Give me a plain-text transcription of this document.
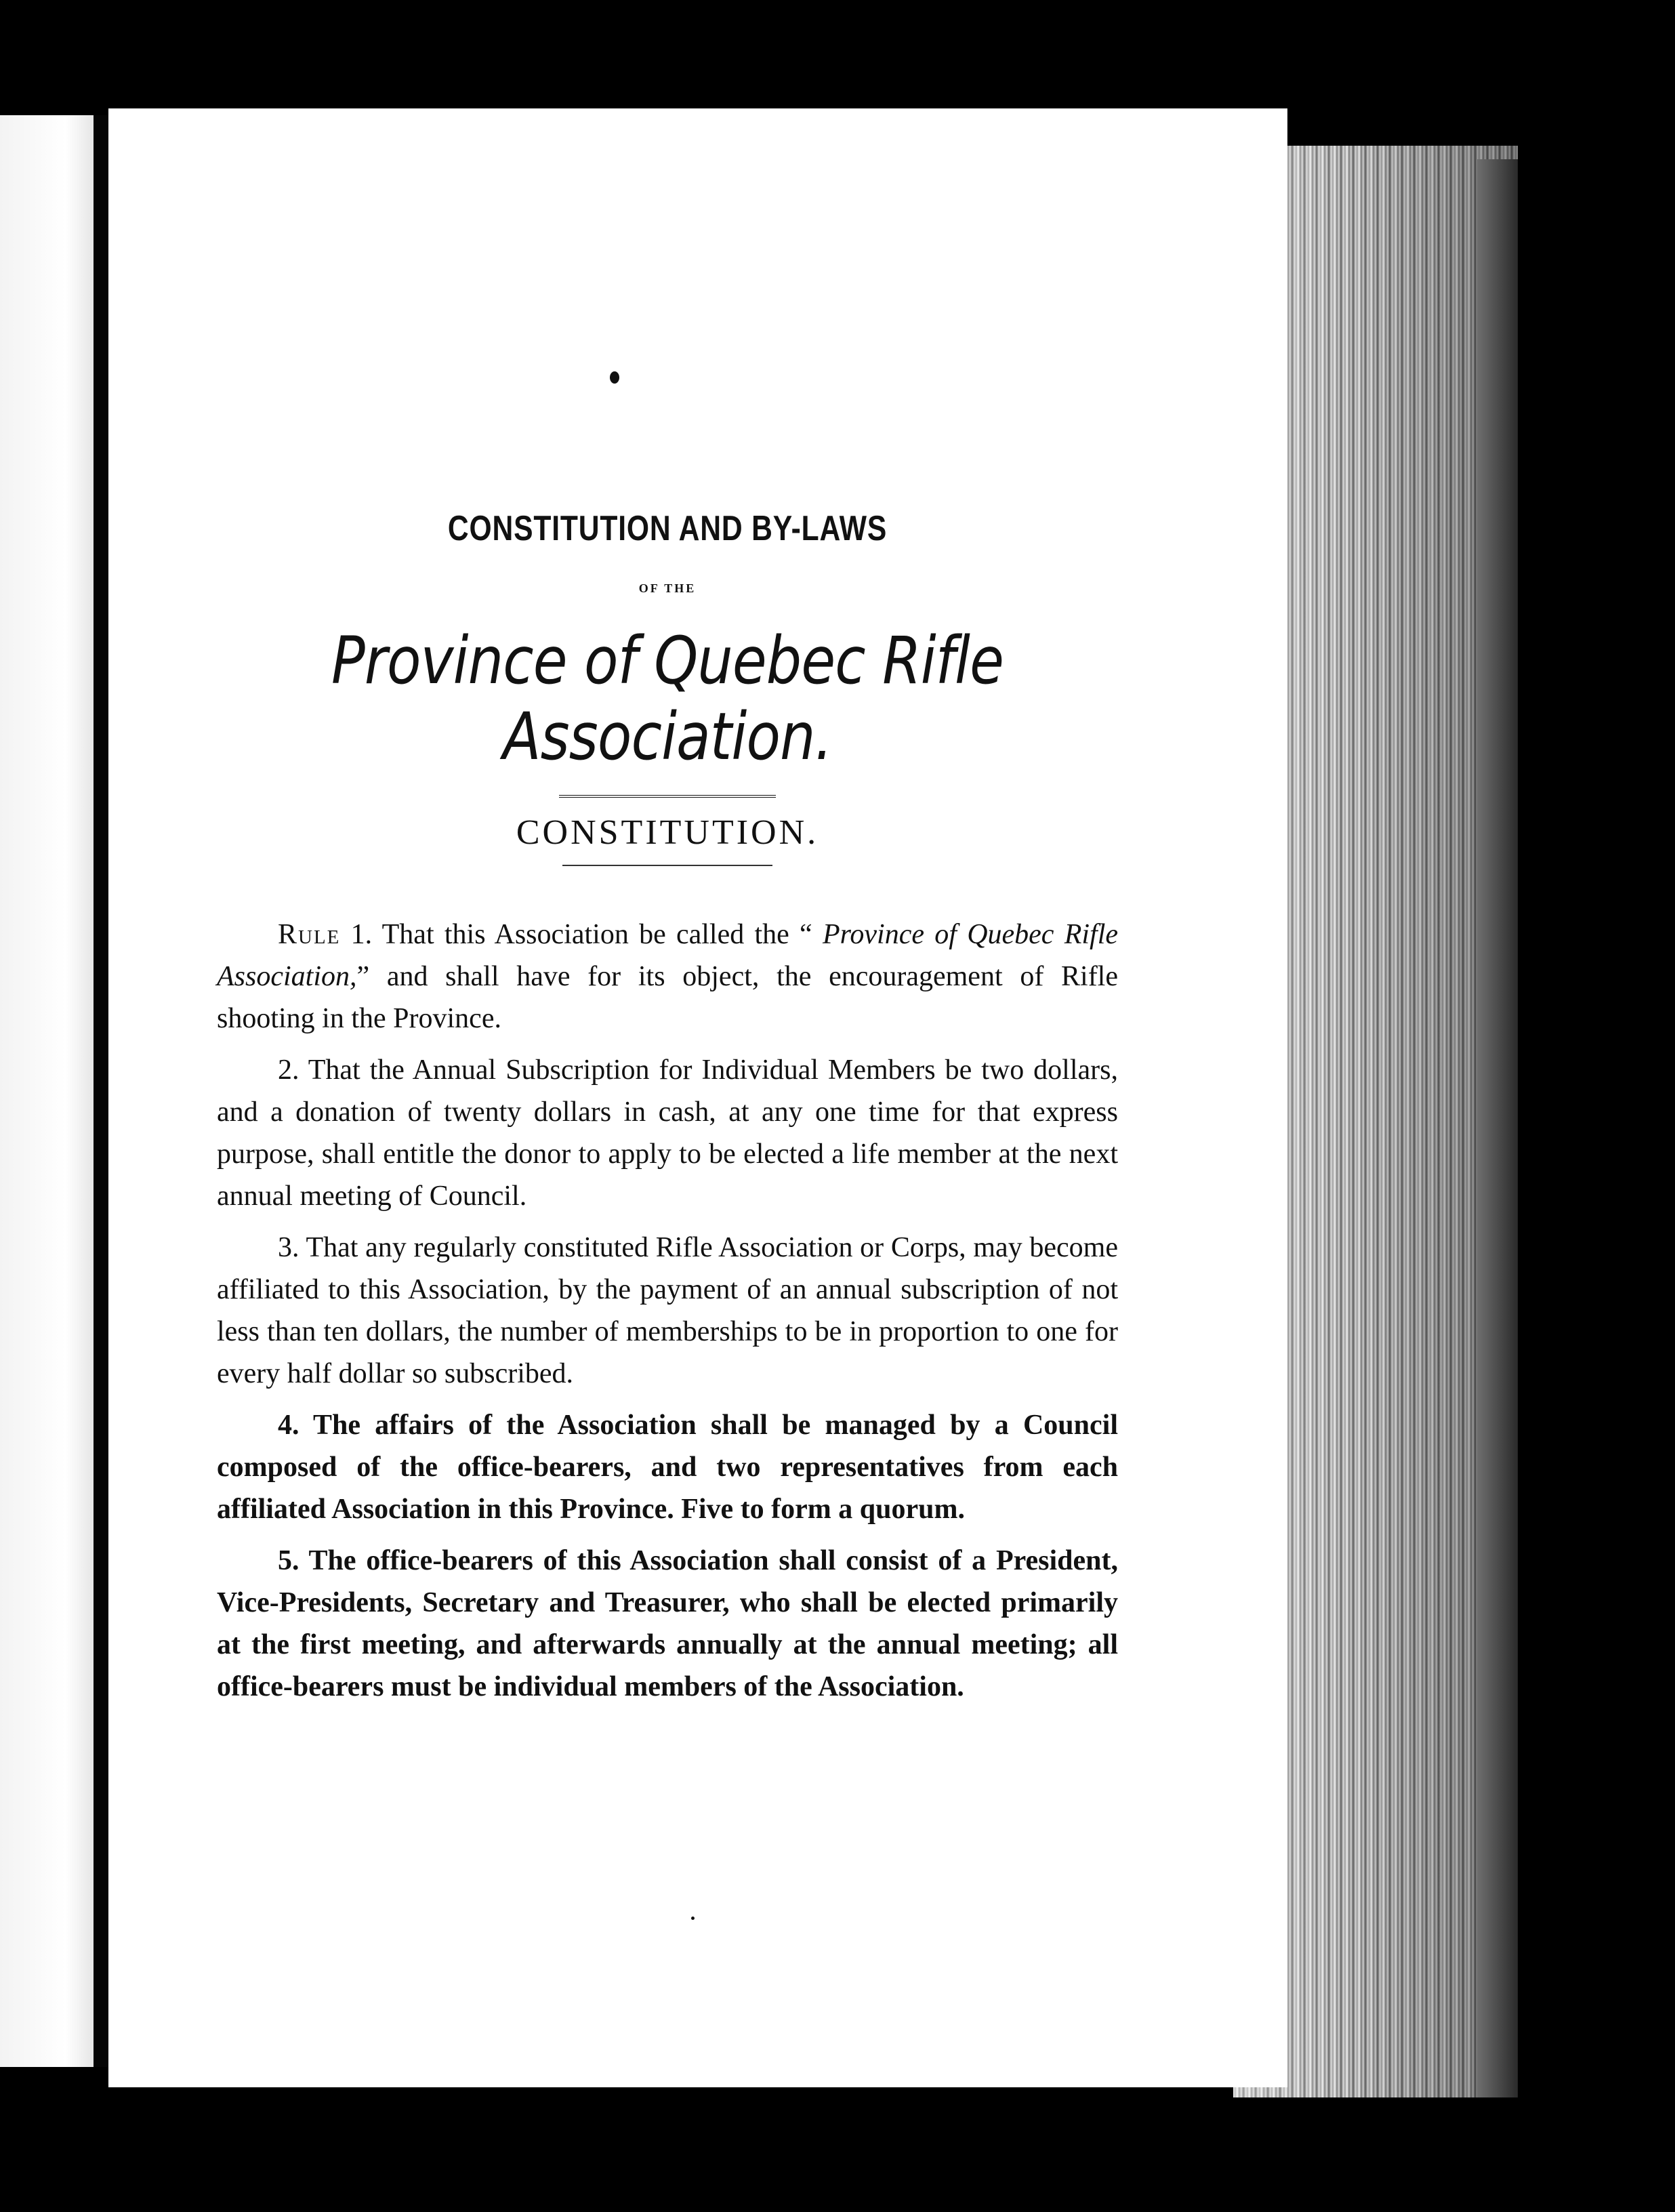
CONSTITUTION AND BY-LAWS
OF THE
Province of Quebec Rifle Association.
CONSTITUTION.

Rule 1. That this Association be called the “ Province of Quebec Rifle Association,” and shall have for its object, the encouragement of Rifle shooting in the Province.

2. That the Annual Subscription for Individual Members be two dollars, and a donation of twenty dollars in cash, at any one time for that express purpose, shall entitle the donor to apply to be elected a life member at the next annual meeting of Council.

3. That any regularly constituted Rifle Association or Corps, may become affiliated to this Association, by the payment of an annual subscription of not less than ten dollars, the number of memberships to be in proportion to one for every half dollar so subscribed.

4. The affairs of the Association shall be managed by a Council composed of the office-bearers, and two representatives from each affiliated Association in this Province. Five to form a quorum.

5. The office-bearers of this Association shall consist of a President, Vice-Presidents, Secretary and Treasurer, who shall be elected primarily at the first meeting, and afterwards annually at the annual meeting; all office-bearers must be individual members of the Association.
